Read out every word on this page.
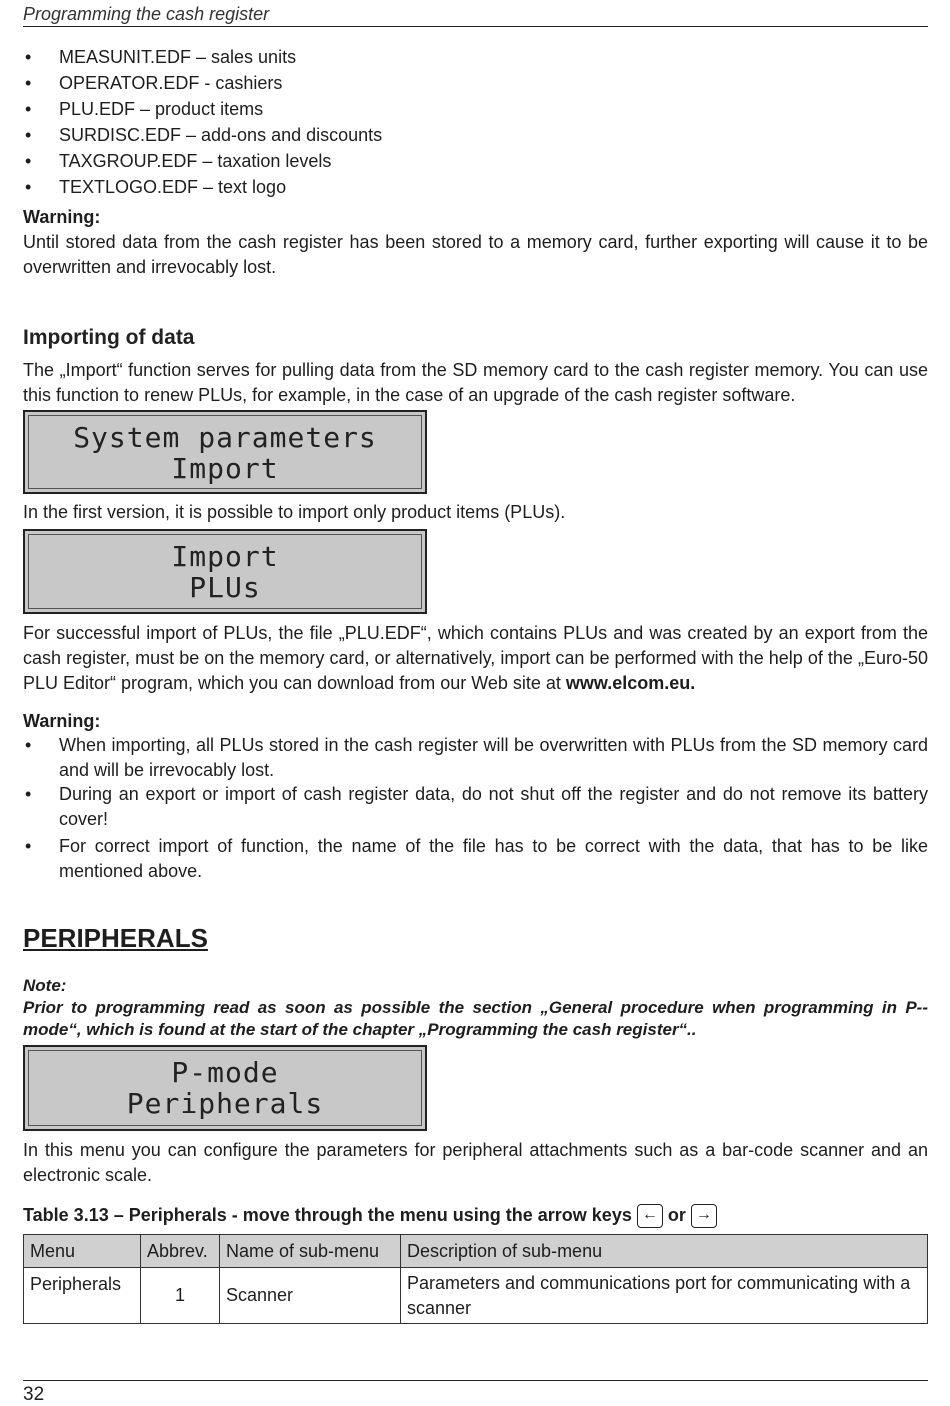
Programming the cash register
• MEASUNIT.EDF – sales units
• OPERATOR.EDF - cashiers
• PLU.EDF – product items
• SURDISC.EDF – add-ons and discounts
• TAXGROUP.EDF – taxation levels
• TEXTLOGO.EDF – text logo
Warning:
Until stored data from the cash register has been stored to a memory card, further exporting will cause it to be overwritten and irrevocably lost.
Importing of data
The „Import“ function serves for pulling data from the SD memory card to the cash register memory. You can use this function to renew PLUs, for example, in the case of an upgrade of the cash register software.
System parameters
Import
In the first version, it is possible to import only product items (PLUs).
Import
PLUs
For successful import of PLUs, the file „PLU.EDF“, which contains PLUs and was created by an export from the cash register, must be on the memory card, or alternatively, import can be performed with the help of the „Euro-50 PLU Editor“ program, which you can download from our Web site at www.elcom.eu.
Warning:
• When importing, all PLUs stored in the cash register will be overwritten with PLUs from the SD memory card and will be irrevocably lost.
• During an export or import of cash register data, do not shut off the register and do not remove its battery cover!
• For correct import of function, the name of the file has to be correct with the data, that has to be like mentioned above.
PERIPHERALS
Note:
Prior to programming read as soon as possible the section „General procedure when programming in P--mode“, which is found at the start of the chapter „Programming the cash register“..
P-mode
Peripherals
In this menu you can configure the parameters for peripheral attachments such as a bar-code scanner and an electronic scale.
Table 3.13 – Peripherals - move through the menu using the arrow keys ← or →
Menu	Abbrev.	Name of sub-menu	Description of sub-menu
Peripherals	1	Scanner	Parameters and communications port for communicating with a scanner
32
